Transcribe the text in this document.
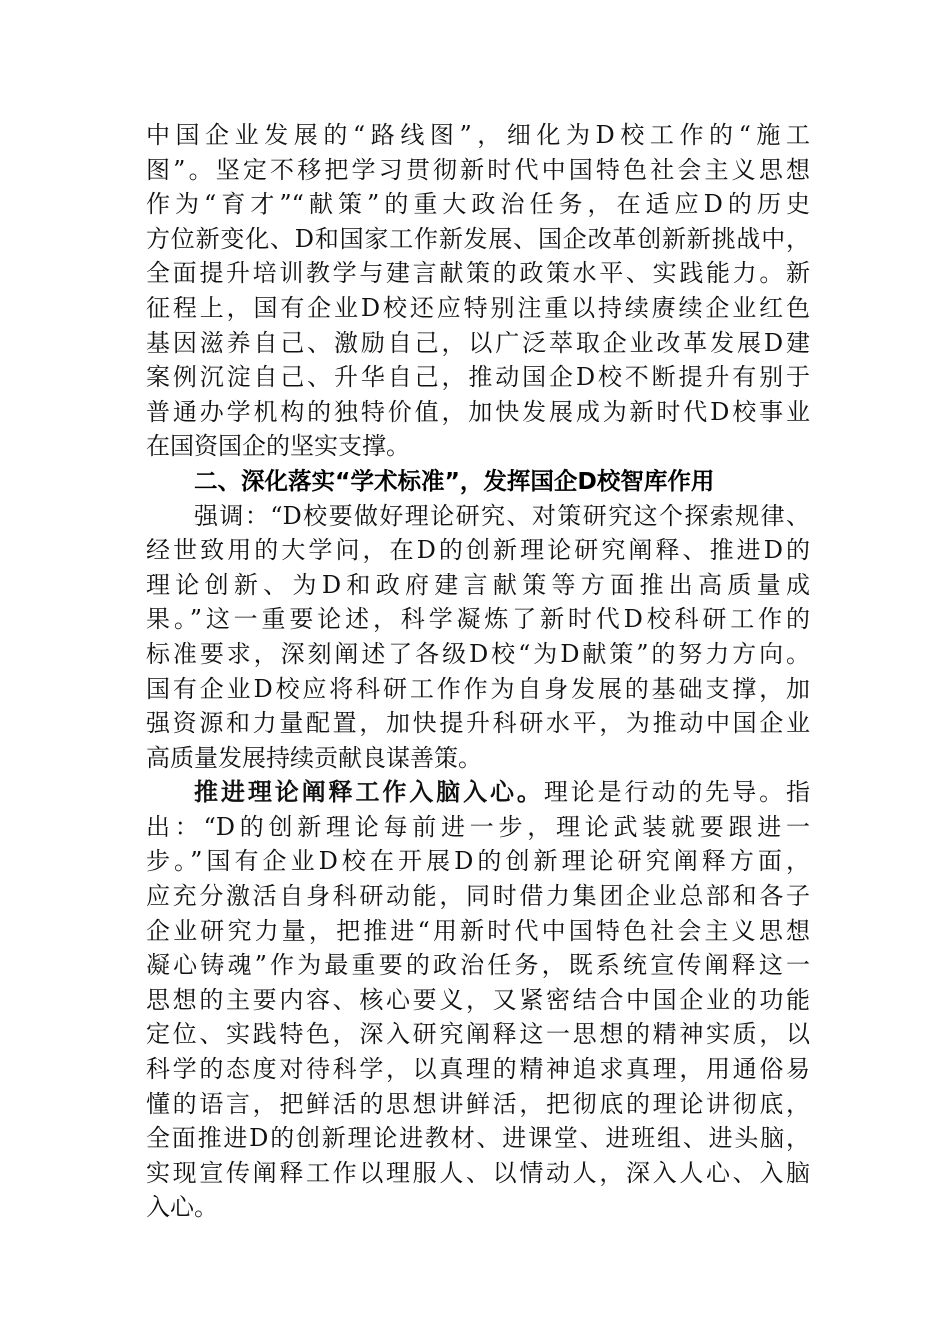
中国企业发展的“路线图”，细化为D校工作的“施工
图”。坚定不移把学习贯彻新时代中国特色社会主义思想
作为“育才”“献策”的重大政治任务，在适应D的历史
方位新变化、D和国家工作新发展、国企改革创新新挑战中，
全面提升培训教学与建言献策的政策水平、实践能力。新
征程上，国有企业D校还应特别注重以持续赓续企业红色
基因滋养自己、激励自己，以广泛萃取企业改革发展D建
案例沉淀自己、升华自己，推动国企D校不断提升有别于
普通办学机构的独特价值，加快发展成为新时代D校事业
在国资国企的坚实支撑。
二、深化落实“学术标准”，发挥国企D校智库作用
强调：“D校要做好理论研究、对策研究这个探索规律、
经世致用的大学问，在D的创新理论研究阐释、推进D的
理论创新、为D和政府建言献策等方面推出高质量成
果。”这一重要论述，科学凝炼了新时代D校科研工作的
标准要求，深刻阐述了各级D校“为D献策”的努力方向。
国有企业D校应将科研工作作为自身发展的基础支撑，加
强资源和力量配置，加快提升科研水平，为推动中国企业
高质量发展持续贡献良谋善策。
推进理论阐释工作入脑入心。理论是行动的先导。指
出：“D的创新理论每前进一步，理论武装就要跟进一
步。”国有企业D校在开展D的创新理论研究阐释方面，
应充分激活自身科研动能，同时借力集团企业总部和各子
企业研究力量，把推进“用新时代中国特色社会主义思想
凝心铸魂”作为最重要的政治任务，既系统宣传阐释这一
思想的主要内容、核心要义，又紧密结合中国企业的功能
定位、实践特色，深入研究阐释这一思想的精神实质，以
科学的态度对待科学，以真理的精神追求真理，用通俗易
懂的语言，把鲜活的思想讲鲜活，把彻底的理论讲彻底，
全面推进D的创新理论进教材、进课堂、进班组、进头脑，
实现宣传阐释工作以理服人、以情动人，深入人心、入脑
入心。
